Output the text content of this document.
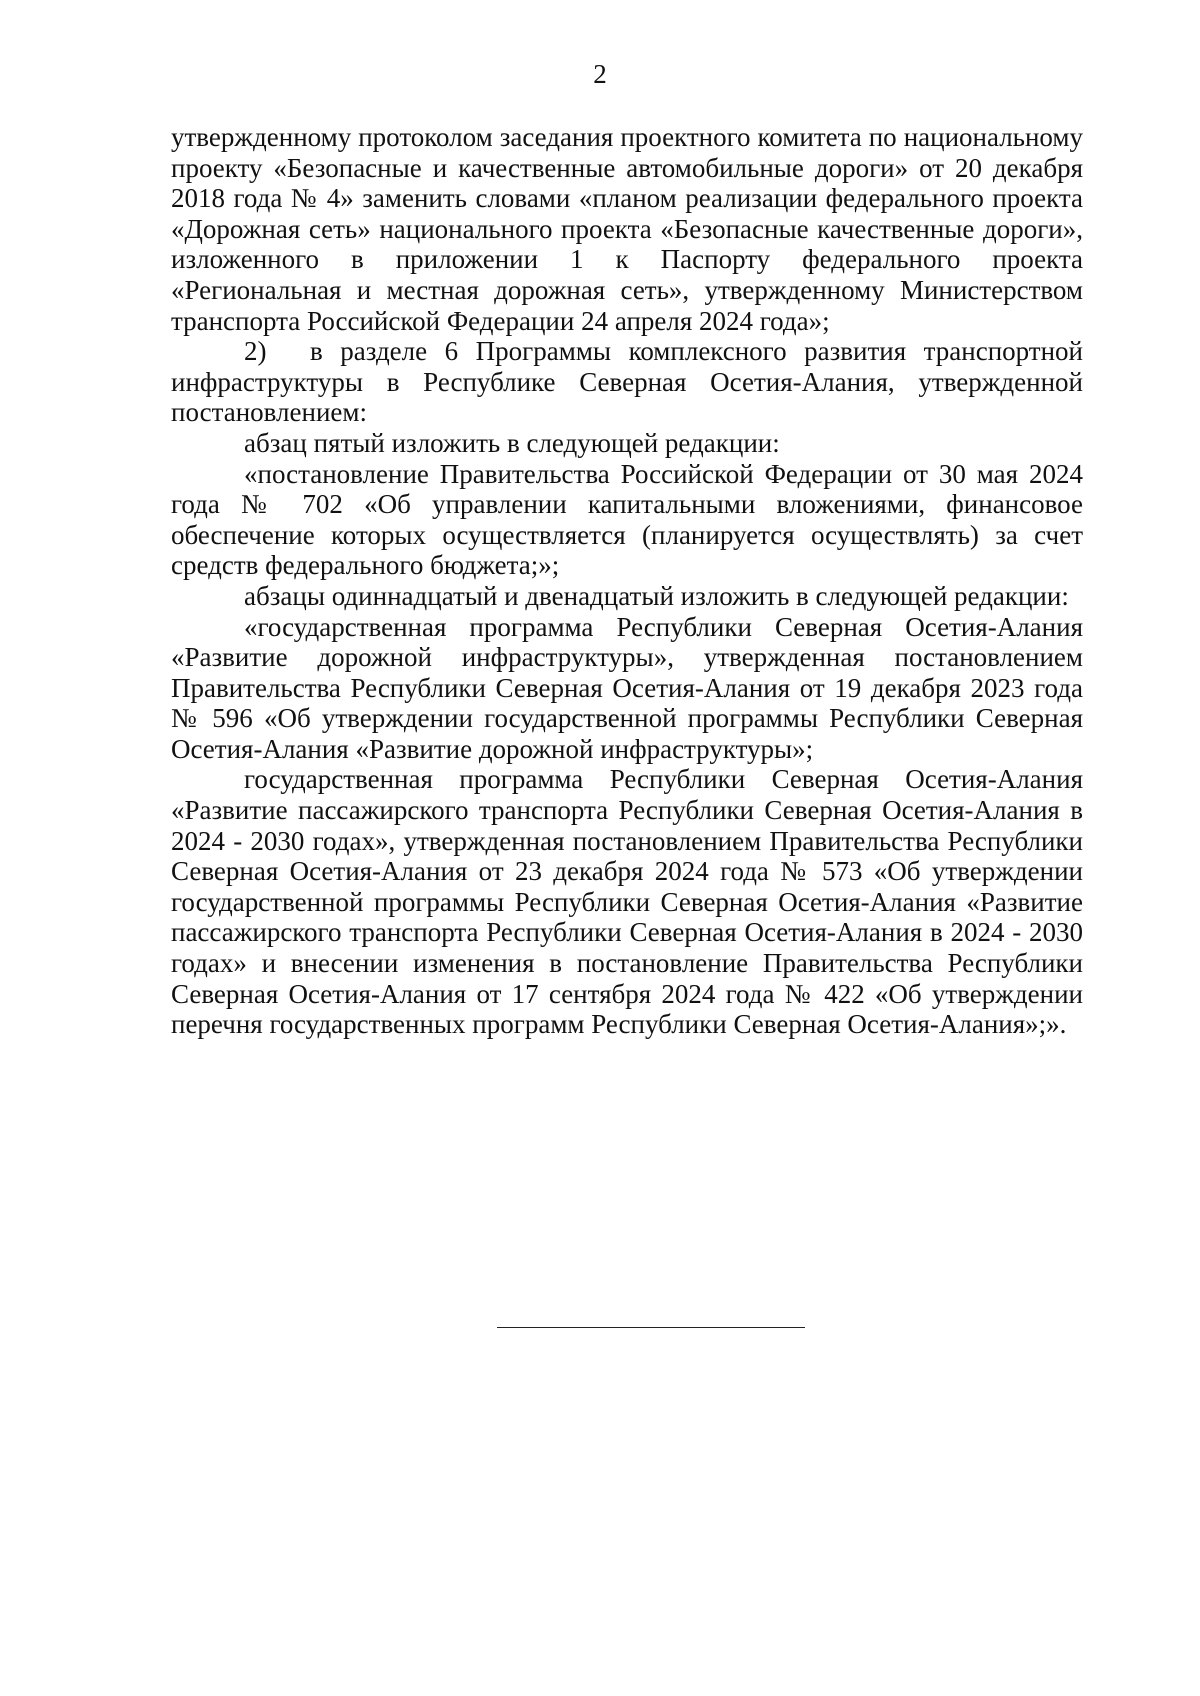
2

утвержденному протоколом заседания проектного комитета по национальному проекту «Безопасные и качественные автомобильные дороги» от 20 декабря 2018 года № 4» заменить словами «планом реализации федерального проекта «Дорожная сеть» национального проекта «Безопасные качественные дороги», изложенного в приложении 1 к Паспорту федерального проекта «Региональная и местная дорожная сеть», утвержденному Министерством транспорта Российской Федерации 24 апреля 2024 года»;

2) в разделе 6 Программы комплексного развития транспортной инфраструктуры в Республике Северная Осетия-Алания, утвержденной постановлением:

абзац пятый изложить в следующей редакции:

«постановление Правительства Российской Федерации от 30 мая 2024 года № 702 «Об управлении капитальными вложениями, финансовое обеспечение которых осуществляется (планируется осуществлять) за счет средств федерального бюджета;»;

абзацы одиннадцатый и двенадцатый изложить в следующей редакции:

«государственная программа Республики Северная Осетия-Алания «Развитие дорожной инфраструктуры», утвержденная постановлением Правительства Республики Северная Осетия-Алания от 19 декабря 2023 года № 596 «Об утверждении государственной программы Республики Северная Осетия-Алания «Развитие дорожной инфраструктуры»;

государственная программа Республики Северная Осетия-Алания «Развитие пассажирского транспорта Республики Северная Осетия-Алания в 2024 - 2030 годах», утвержденная постановлением Правительства Республики Северная Осетия-Алания от 23 декабря 2024 года № 573 «Об утверждении государственной программы Республики Северная Осетия-Алания «Развитие пассажирского транспорта Республики Северная Осетия-Алания в 2024 - 2030 годах» и внесении изменения в постановление Правительства Республики Северная Осетия-Алания от 17 сентября 2024 года № 422 «Об утверждении перечня государственных программ Республики Северная Осетия-Алания»;».
